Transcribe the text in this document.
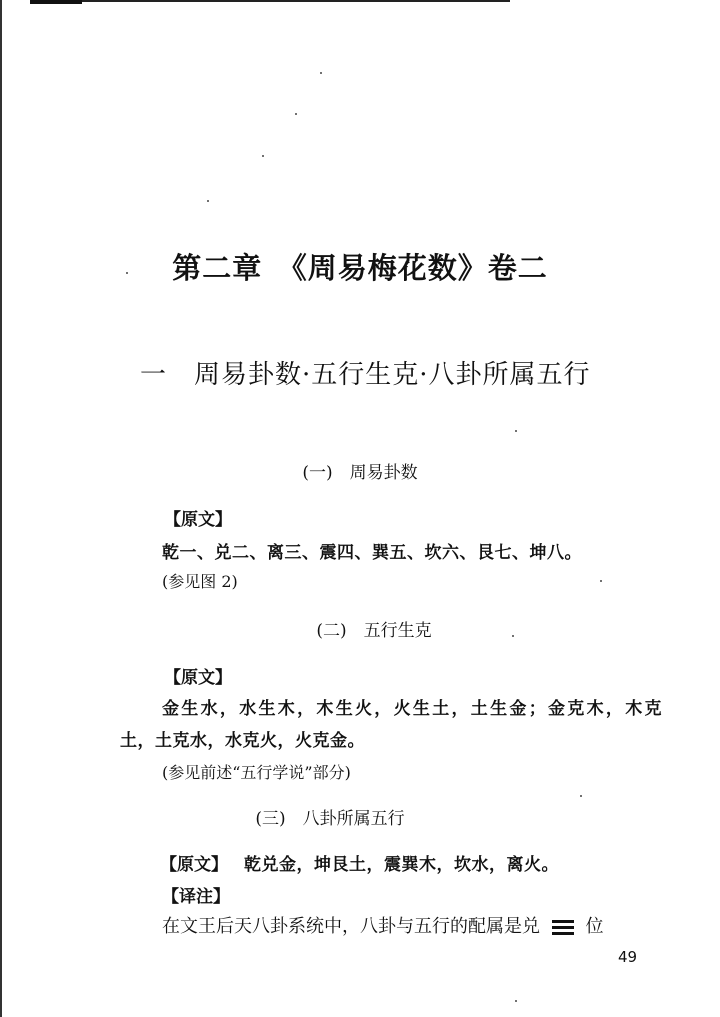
第二章　《周易梅花数》卷二
一　周易卦数·五行生克·八卦所属五行
(一)　周易卦数
【原文】
乾一、兑二、离三、震四、巽五、坎六、艮七、坤八。
(参见图 2)
(二)　五行生克
【原文】
金生水，水生木，木生火，火生土，土生金；金克木，木克
土，土克水，水克火，火克金。
(参见前述“五行学说”部分)
(三)　八卦所属五行
【原文】 乾兑金，坤艮土，震巽木，坎水，离火。
【译注】
在文王后天八卦系统中，八卦与五行的配属是兑	位
49
